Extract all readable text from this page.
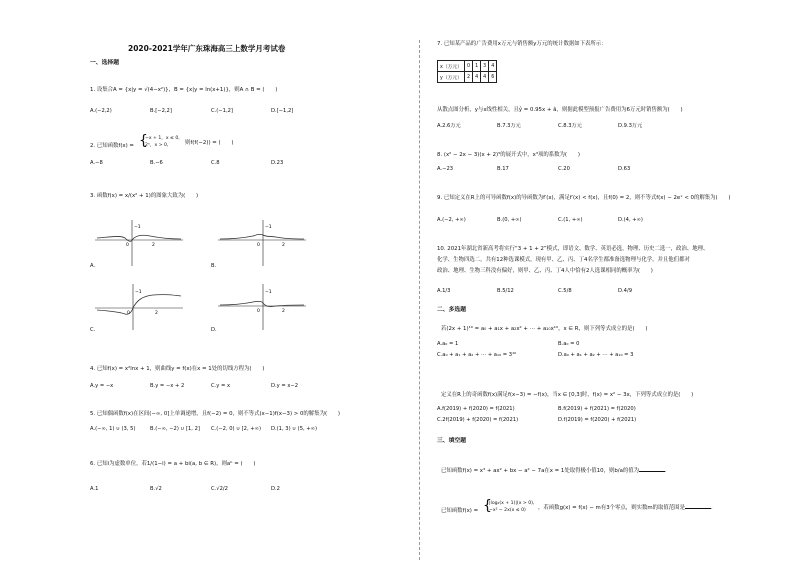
2020-2021学年广东珠海高三上数学月考试卷
一、选择题
1. 设集合A = {x|y = √(4−x²)}，B = {x|y = ln(x+1)}，则A ∩ B = (　　)
A.(−2,2)	B.[−2,2]	C.(−1,2]	D.[−1,2]
2. 已知函数f(x) = {
−x + 1，x ≤ 0,
2ˣ，x > 0,	则f(f(−2)) = (　　)
A.−8	B.−6	C.8	D.23
3. 函数f(x) = x/(x² + 1)的图象大致为(　　)
−1
0	2
A.
−1
0	2
B.
−1
0	2
C.
−1
0	2
D.
4. 已知f(x) = x²lnx + 1，则曲线y = f(x)在x = 1处的切线方程为(　　)
A.y = −x	B.y = −x + 2	C.y = x	D.y = x−2
5. 已知偶函数f(x)在区间(−∞, 0]上单调递增，且f(−2) = 0，则不等式(x−1)f(x−3) > 0的解集为(　　)
A.(−∞, 1) ∪ (3, 5)	B.(−∞, −2) ∪ [1, 2] C.(−2, 0) ∪ [2, +∞) D.(1, 3) ∪ (5, +∞)
6. 已知i为虚数单位，若1/(1−i) = a + bi(a, b ∈ R)，则aᵇ = (　　)
A.1	B.√2	C.√2/2	D.2
7. 已知某产品的广告费用x万元与销售额y万元的统计数据如下表所示：
x（万元）	0	1	3	4
y（万元）	2	4	4	6
从散点图分析，y与x线性相关，且ŷ = 0.95x + â，则据此模型预报广告费用为6万元时销售额为(　　)
A.2.6万元	B.7.3万元	C.8.3万元	D.9.3万元
8. (x² − 2x − 3)(x + 2)⁵的展开式中，x³项的系数为(　　)
A.−23	B.17	C.20	D.63
9. 已知定义在R上的可导函数f(x)的导函数为f′(x)，满足f′(x) < f(x)，且f(0) = 2，则不等式f(x) − 2eˣ < 0的解集为(　　)
A.(−2, +∞)	B.(0, +∞)	C.(1, +∞)	D.(4, +∞)
10. 2021年湖北省新高考将实行“3 + 1 + 2”模式，即语文、数学、英语必选，物理、历史二选一，政治、地理、
化学、生物四选二，共有12种选课模式，现有甲、乙、丙、丁4名学生都准备选物理与化学，并且他们都对
政治、地理、生物三科没有偏好，则甲、乙、丙、丁4人中恰有2人选课相同的概率为(　　)
A.1/3	B.5/12	C.5/8	D.4/9
二、多选题
若(2x + 1)¹⁰ = a₀ + a₁x + a₂x² + ⋯ + a₁₀x¹⁰，x ∈ R，则下列等式成立的是(　　)
A.a₀ = 1	B.a₀ = 0
C.a₀ + a₁ + a₂ + ⋯ + a₁₀ = 3¹⁰	D.a₀ + a₁ + a₂ + ⋯ + a₁₀ = 3
定义在R上的奇函数f(x)满足f(x−3) = −f(x)，当x ∈ [0,3]时，f(x) = x² − 3x，下列等式成立的是(　　)
A.f(2019) + f(2020) = f(2021)	B.f(2019) + f(2021) = f(2020)
C.2f(2019) + f(2020) = f(2021)	D.f(2019) = f(2020) + f(2021)
三、填空题
已知函数f(x) = x³ + ax² + bx − a² − 7a在x = 1处取得极小值10，则b/a的值为	．
已知函数f(x) = {
|log₂(x + 1)|(x > 0),
−x² − 2x(x ≤ 0) ，若函数g(x) = f(x) − m有3个零点，则实数m的取值范围是	．
